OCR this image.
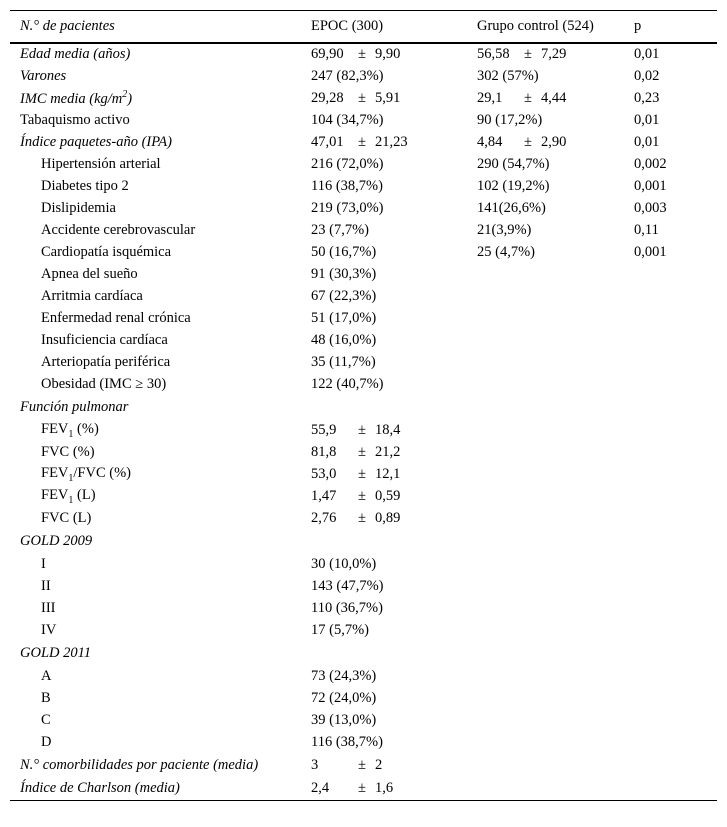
N.° de pacientes	EPOC (300)	Grupo control (524)	p
Edad media (años)	69,90 ± 9,90	56,58 ± 7,29	0,01
Varones	247 (82,3%)	302 (57%)	0,02
IMC media $(kg/m^2)$	29,28 ± 5,91	29,1 ± 4,44	0,23
Tabaquismo activo	104 (34,7%)	90 (17,2%)	0,01
Índice paquetes-año (IPA)	47,01 ± 21,23	4,84 ± 2,90	0,01
Hipertensión arterial	216 (72,0%)	290 (54,7%)	0,002
Diabetes tipo 2	116 (38,7%)	102 (19,2%)	0,001
Dislipidemia	219 (73,0%)	141(26,6%)	0,003
Accidente cerebrovascular	23 (7,7%)	21(3,9%)	0,11
Cardiopatía isquémica	50 (16,7%)	25 (4,7%)	0,001
Apnea del sueño	91 (30,3%)		
Arritmia cardíaca	67 (22,3%)		
Enfermedad renal crónica	51 (17,0%)		
Insuficiencia cardíaca	48 (16,0%)		
Arteriopatía periférica	35 (11,7%)		
Obesidad (IMC ≥ 30)	122 (40,7%)		
Función pulmonar			
$FEV_1$ (%)	55,9 ± 18,4		
FVC (%)	81,8 ± 21,2		
$FEV_1$/FVC (%)	53,0 ± 12,1		
$FEV_1$ (L)	1,47 ± 0,59		
FVC (L)	2,76 ± 0,89		
GOLD 2009			
I	30 (10,0%)		
II	143 (47,7%)		
III	110 (36,7%)		
IV	17 (5,7%)		
GOLD 2011			
A	73 (24,3%)		
B	72 (24,0%)		
C	39 (13,0%)		
D	116 (38,7%)		
N.° comorbilidades por paciente (media)	3 ± 2		
Índice de Charlson (media)	2,4 ± 1,6		
